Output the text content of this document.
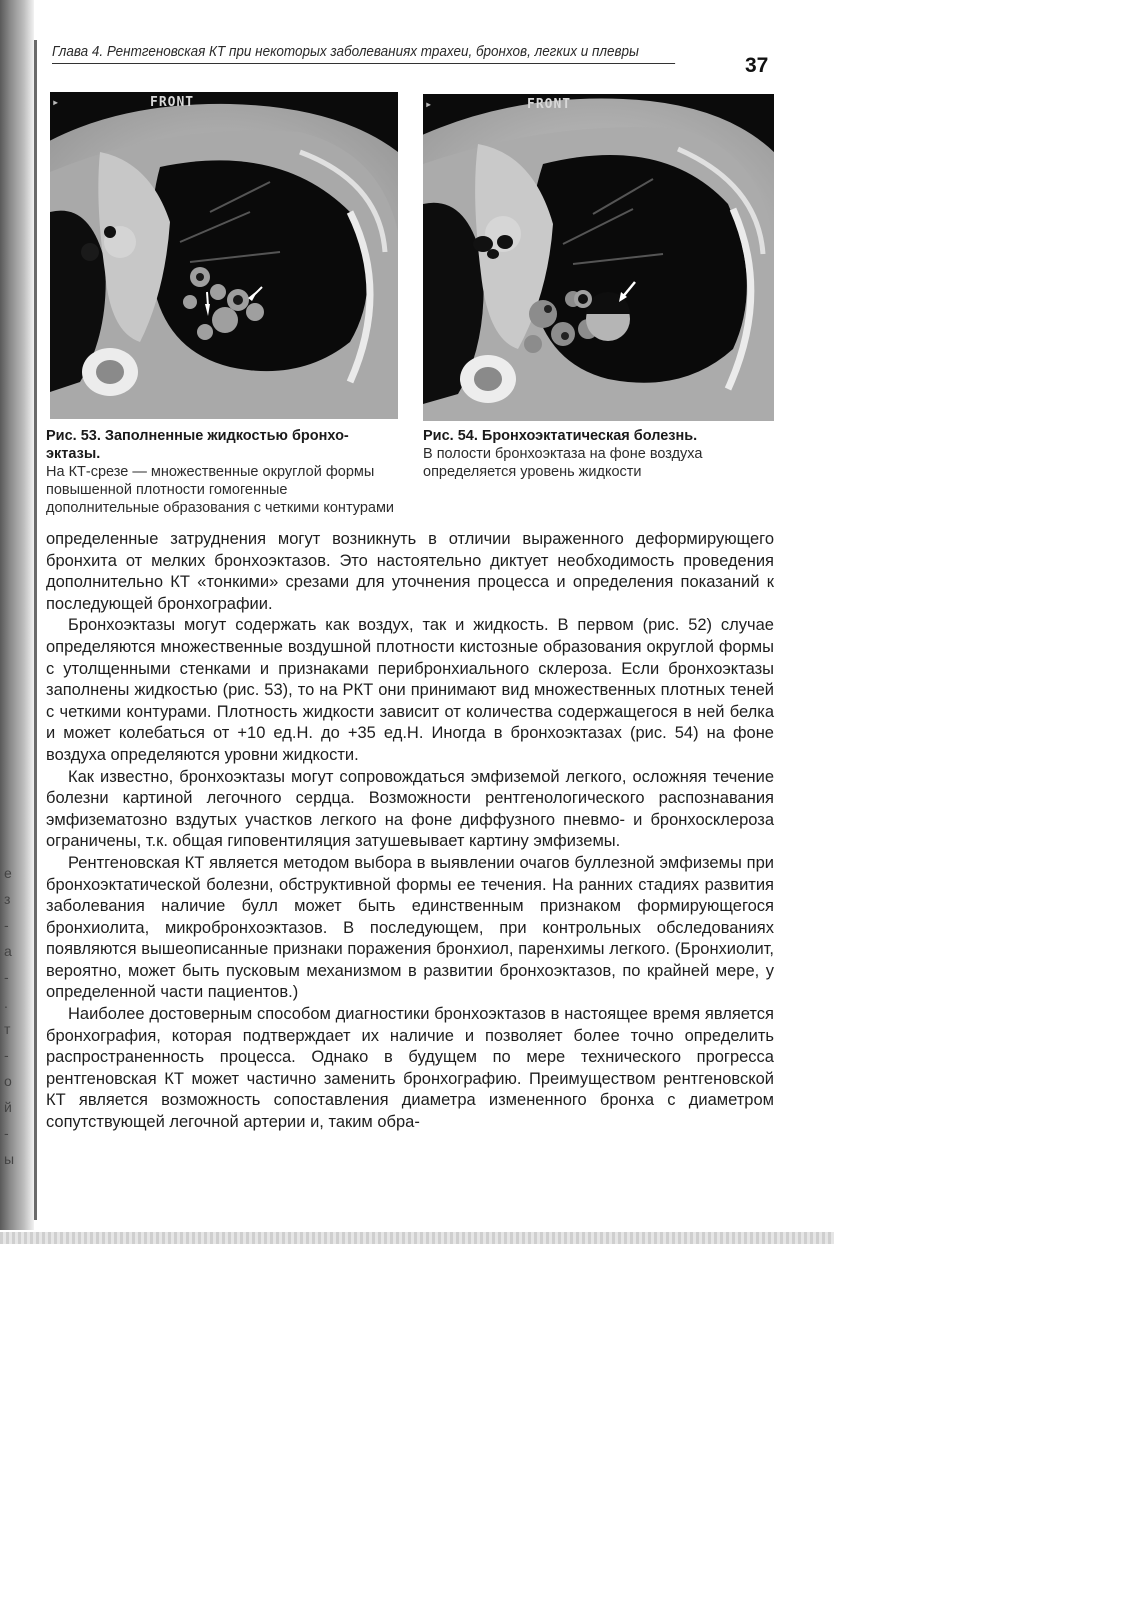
е
з
-
а
-
.
т
-
о
й
-
ы
Глава 4. Рентгеновская КТ при некоторых заболеваниях трахеи, бронхов, легких и плевры
37
FRONT
▸	FRONT
▸
Рис. 53. Заполненные жидкостью бронхо-эктазы.
На КТ-срезе — множественные округлой формы повышенной плотности гомогенные дополнительные образования с четкими контурами
Рис. 54. Бронхоэктатическая болезнь.
В полости бронхоэктаза на фоне воздуха определяется уровень жидкости

определенные затруднения могут возникнуть в отличии выраженного деформирующего бронхита от мелких бронхоэктазов. Это настоятельно диктует необходимость проведения дополнительно КТ «тонкими» срезами для уточнения процесса и определения показаний к последующей бронхографии.

Бронхоэктазы могут содержать как воздух, так и жидкость. В первом (рис. 52) случае определяются множественные воздушной плотности кистозные образования округлой формы с утолщенными стенками и признаками перибронхиального склероза. Если бронхоэктазы заполнены жидкостью (рис. 53), то на РКТ они принимают вид множественных плотных теней с четкими контурами. Плотность жидкости зависит от количества содержащегося в ней белка и может колебаться от +10 ед.Н. до +35 ед.Н. Иногда в бронхоэктазах (рис. 54) на фоне воздуха определяются уровни жидкости.

Как известно, бронхоэктазы могут сопровождаться эмфиземой легкого, осложняя течение болезни картиной легочного сердца. Возможности рентгенологического распознавания эмфизематозно вздутых участков легкого на фоне диффузного пневмо- и бронхосклероза ограничены, т.к. общая гиповентиляция затушевывает картину эмфиземы.

Рентгеновская КТ является методом выбора в выявлении очагов буллезной эмфиземы при бронхоэктатической болезни, обструктивной формы ее течения. На ранних стадиях развития заболевания наличие булл может быть единственным признаком формирующегося бронхиолита, микробронхоэктазов. В последующем, при контрольных обследованиях появляются вышеописанные признаки поражения бронхиол, паренхимы легкого. (Бронхиолит, вероятно, может быть пусковым механизмом в развитии бронхоэктазов, по крайней мере, у определенной части пациентов.)

Наиболее достоверным способом диагностики бронхоэктазов в настоящее время является бронхография, которая подтверждает их наличие и позволяет более точно определить распространенность процесса. Однако в будущем по мере технического прогресса рентгеновская КТ может частично заменить бронхографию. Преимуществом рентгеновской КТ является возможность сопоставления диаметра измененного бронха с диаметром сопутствующей легочной артерии и, таким обра-
